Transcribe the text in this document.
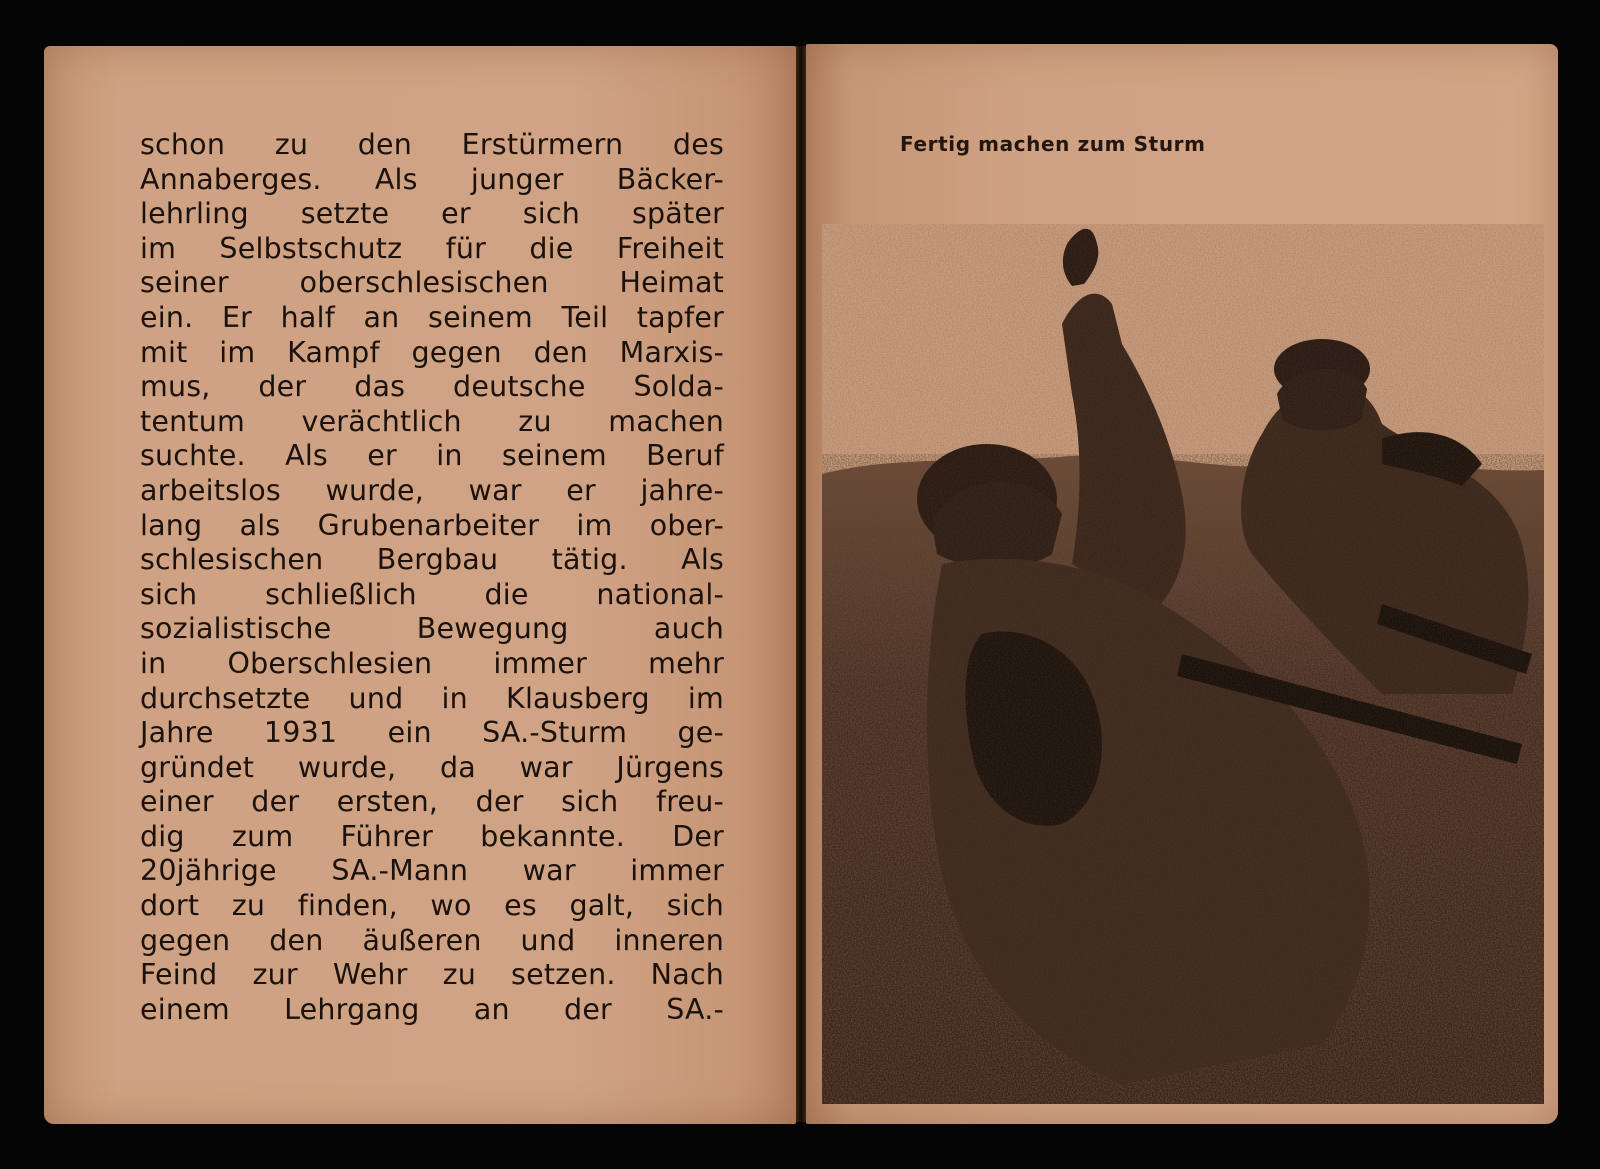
schon zu den Erstürmern des
Annaberges. Als junger Bäcker-
lehrling setzte er sich später
im Selbstschutz für die Freiheit
seiner oberschlesischen Heimat
ein. Er half an seinem Teil tapfer
mit im Kampf gegen den Marxis-
mus, der das deutsche Solda-
tentum verächtlich zu machen
suchte. Als er in seinem Beruf
arbeitslos wurde, war er jahre-
lang als Grubenarbeiter im ober-
schlesischen Bergbau tätig. Als
sich schließlich die national-
sozialistische Bewegung auch
in Oberschlesien immer mehr
durchsetzte und in Klausberg im
Jahre 1931 ein SA.-Sturm ge-
gründet wurde, da war Jürgens
einer der ersten, der sich freu-
dig zum Führer bekannte. Der
20jährige SA.-Mann war immer
dort zu finden, wo es galt, sich
gegen den äußeren und inneren
Feind zur Wehr zu setzen. Nach
einem Lehrgang an der SA.-

Fertig machen zum Sturm
